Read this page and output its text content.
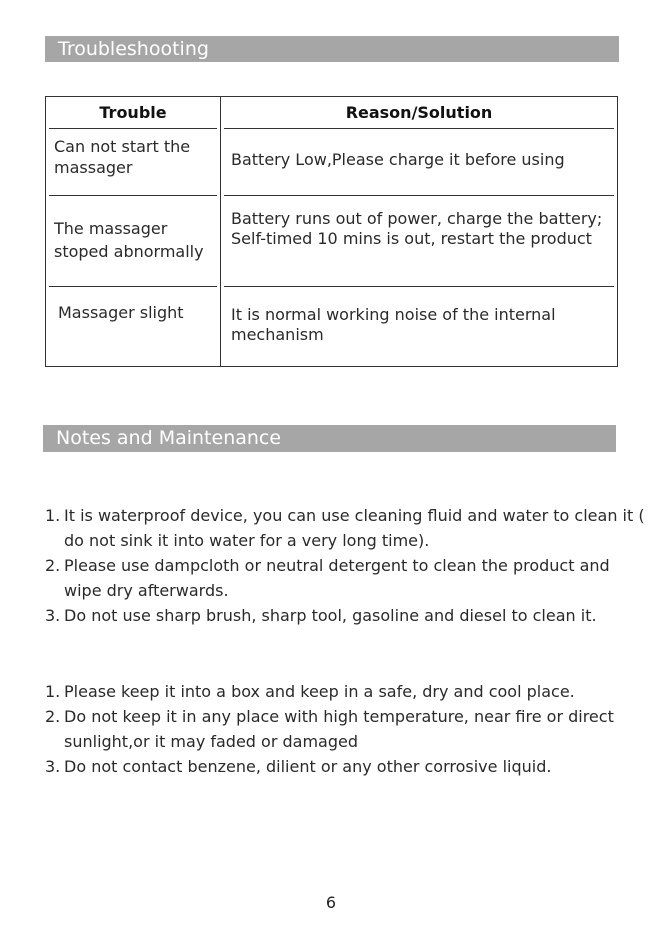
Troubleshooting
Trouble	Reason/Solution

Can not start the massager	Battery Low,Please charge it before using

The massager stoped abnormally	Battery runs out of power, charge the battery; Self-timed 10 mins is out, restart the product

Massager slight	It is normal working noise of the internal mechanism
Notes and Maintenance
1. It is waterproof device, you can use cleaning fluid and water to clean it ( do not sink it into water for a very long time).
2. Please use dampcloth or neutral detergent to clean the product and wipe dry afterwards.
3. Do not use sharp brush, sharp tool, gasoline and diesel to clean it.
1. Please keep it into a box and keep in a safe, dry and cool place.
2. Do not keep it in any place with high temperature, near fire or direct sunlight,or it may faded or damaged
3. Do not contact benzene, dilient or any other corrosive liquid.
6
